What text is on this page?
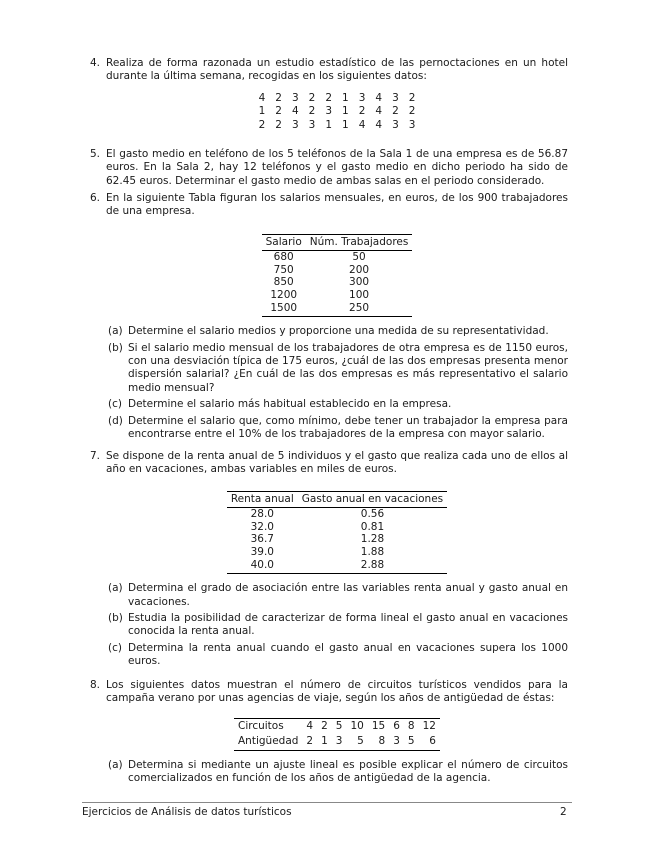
4. Realiza de forma razonada un estudio estadístico de las pernoctaciones en un hotel durante la última semana, recogidas en los siguientes datos:

4	2	3	2	2	1	3	4	3	2
1	2	4	2	3	1	2	4	2	2
2	2	3	3	1	1	4	4	3	3
5. El gasto medio en teléfono de los 5 teléfonos de la Sala 1 de una empresa es de 56.87 euros. En la Sala 2, hay 12 teléfonos y el gasto medio en dicho periodo ha sido de 62.45 euros. Determinar el gasto medio de ambas salas en el periodo considerado.

6. En la siguiente Tabla figuran los salarios mensuales, en euros, de los 900 trabajadores de una empresa.

Salario	Núm. Trabajadores
680	50
750	200
850	300
1200	100
1500	250
(a) Determine el salario medios y proporcione una medida de su representatividad.
(b) Si el salario medio mensual de los trabajadores de otra empresa es de 1150 euros, con una desviación típica de 175 euros, ¿cuál de las dos empresas presenta menor dispersión salarial? ¿En cuál de las dos empresas es más representativo el salario medio mensual?
(c) Determine el salario más habitual establecido en la empresa.
(d) Determine el salario que, como mínimo, debe tener un trabajador la empresa para encontrarse entre el 10% de los trabajadores de la empresa con mayor salario.
7. Se dispone de la renta anual de 5 individuos y el gasto que realiza cada uno de ellos al año en vacaciones, ambas variables en miles de euros.

Renta anual	Gasto anual en vacaciones
28.0	0.56
32.0	0.81
36.7	1.28
39.0	1.88
40.0	2.88
(a) Determina el grado de asociación entre las variables renta anual y gasto anual en vacaciones.
(b) Estudia la posibilidad de caracterizar de forma lineal el gasto anual en vacaciones conocida la renta anual.
(c) Determina la renta anual cuando el gasto anual en vacaciones supera los 1000 euros.
8. Los siguientes datos muestran el número de circuitos turísticos vendidos para la campaña verano por unas agencias de viaje, según los años de antigüedad de éstas:

Circuitos	4	2	5	10	15	6	8	12
Antigüedad	2	1	3	5	8	3	5	6
(a) Determina si mediante un ajuste lineal es posible explicar el número de circuitos comercializados en función de los años de antigüedad de la agencia.
Ejercicios de Análisis de datos turísticos	2
